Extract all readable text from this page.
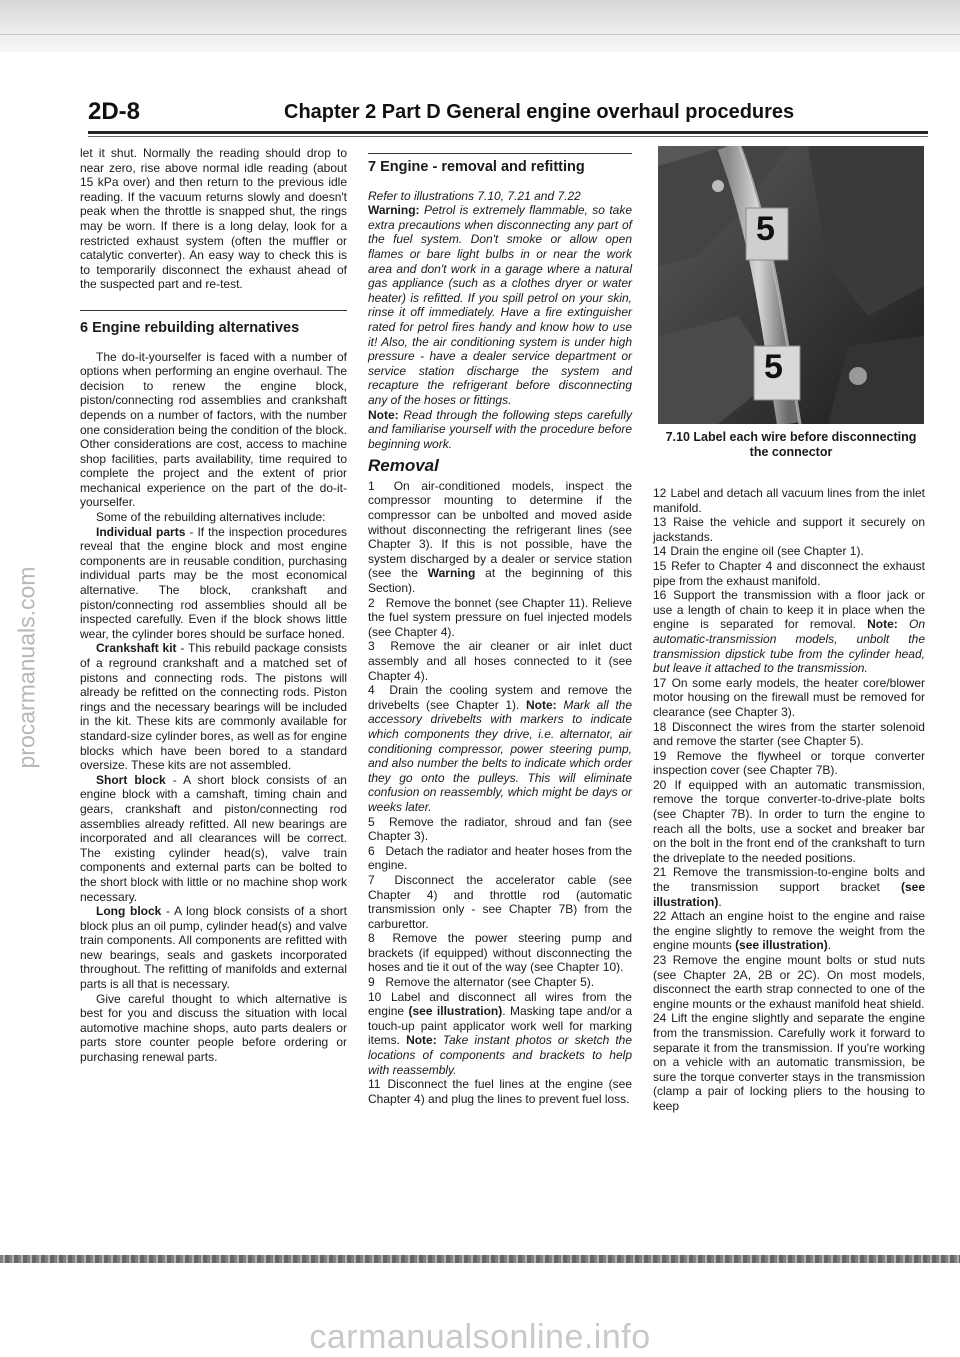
2D-8	Chapter 2 Part D General engine overhaul procedures

let it shut. Normally the reading should drop to near zero, rise above normal idle reading (about 15 kPa over) and then return to the previous idle reading. If the vacuum returns slowly and doesn't peak when the throttle is snapped shut, the rings may be worn. If there is a long delay, look for a restricted exhaust system (often the muffler or catalytic converter). An easy way to check this is to temporarily disconnect the exhaust ahead of the suspected part and re-test.

6 Engine rebuilding alternatives

The do-it-yourselfer is faced with a number of options when performing an engine overhaul. The decision to renew the engine block, piston/connecting rod assemblies and crankshaft depends on a number of factors, with the number one consideration being the condition of the block. Other considerations are cost, access to machine shop facilities, parts availability, time required to complete the project and the extent of prior mechanical experience on the part of the do-it-yourselfer.

Some of the rebuilding alternatives include:

Individual parts - If the inspection procedures reveal that the engine block and most engine components are in reusable condition, purchasing individual parts may be the most economical alternative. The block, crankshaft and piston/connecting rod assemblies should all be inspected carefully. Even if the block shows little wear, the cylinder bores should be surface honed.

Crankshaft kit - This rebuild package consists of a reground crankshaft and a matched set of pistons and connecting rods. The pistons will already be refitted on the connecting rods. Piston rings and the necessary bearings will be included in the kit. These kits are commonly available for standard-size cylinder bores, as well as for engine blocks which have been bored to a standard oversize. These kits are not assembled.

Short block - A short block consists of an engine block with a camshaft, timing chain and gears, crankshaft and piston/connecting rod assemblies already refitted. All new bearings are incorporated and all clearances will be correct. The existing cylinder head(s), valve train components and external parts can be bolted to the short block with little or no machine shop work necessary.

Long block - A long block consists of a short block plus an oil pump, cylinder head(s) and valve train components. All components are refitted with new bearings, seals and gaskets incorporated throughout. The refitting of manifolds and external parts is all that is necessary.

Give careful thought to which alternative is best for you and discuss the situation with local automotive machine shops, auto parts dealers or parts store counter people before ordering or purchasing renewal parts.

7 Engine - removal and refitting

Refer to illustrations 7.10, 7.21 and 7.22

Warning: Petrol is extremely flammable, so take extra precautions when disconnecting any part of the fuel system. Don't smoke or allow open flames or bare light bulbs in or near the work area and don't work in a garage where a natural gas appliance (such as a clothes dryer or water heater) is refitted. If you spill petrol on your skin, rinse it off immediately. Have a fire extinguisher rated for petrol fires handy and know how to use it! Also, the air conditioning system is under high pressure - have a dealer service department or service station discharge the system and recapture the refrigerant before disconnecting any of the hoses or fittings.

Note: Read through the following steps carefully and familiarise yourself with the procedure before beginning work.

Removal

1 On air-conditioned models, inspect the compressor mounting to determine if the compressor can be unbolted and moved aside without disconnecting the refrigerant lines (see Chapter 3). If this is not possible, have the system discharged by a dealer or service station (see the Warning at the beginning of this Section).

2 Remove the bonnet (see Chapter 11). Relieve the fuel system pressure on fuel injected models (see Chapter 4).

3 Remove the air cleaner or air inlet duct assembly and all hoses connected to it (see Chapter 4).

4 Drain the cooling system and remove the drivebelts (see Chapter 1). Note: Mark all the accessory drivebelts with markers to indicate which components they drive, i.e. alternator, air conditioning compressor, power steering pump, and also number the belts to indicate which order they go onto the pulleys. This will eliminate confusion on reassembly, which might be days or weeks later.

5 Remove the radiator, shroud and fan (see Chapter 3).

6 Detach the radiator and heater hoses from the engine.

7 Disconnect the accelerator cable (see Chapter 4) and throttle rod (automatic transmission only - see Chapter 7B) from the carburettor.

8 Remove the power steering pump and brackets (if equipped) without disconnecting the hoses and tie it out of the way (see Chapter 10).

9 Remove the alternator (see Chapter 5).

10 Label and disconnect all wires from the engine (see illustration). Masking tape and/or a touch-up paint applicator work well for marking items. Note: Take instant photos or sketch the locations of components and brackets to help with reassembly.

11 Disconnect the fuel lines at the engine (see Chapter 4) and plug the lines to prevent fuel loss.

5
5
7.10 Label each wire before disconnecting the connector

12 Label and detach all vacuum lines from the inlet manifold.

13 Raise the vehicle and support it securely on jackstands.

14 Drain the engine oil (see Chapter 1).

15 Refer to Chapter 4 and disconnect the exhaust pipe from the exhaust manifold.

16 Support the transmission with a floor jack or use a length of chain to keep it in place when the engine is separated for removal. Note: On automatic-transmission models, unbolt the transmission dipstick tube from the cylinder head, but leave it attached to the transmission.

17 On some early models, the heater core/blower motor housing on the firewall must be removed for clearance (see Chapter 3).

18 Disconnect the wires from the starter solenoid and remove the starter (see Chapter 5).

19 Remove the flywheel or torque converter inspection cover (see Chapter 7B).

20 If equipped with an automatic transmission, remove the torque converter-to-drive-plate bolts (see Chapter 7B). In order to turn the engine to reach all the bolts, use a socket and breaker bar on the bolt in the front end of the crankshaft to turn the driveplate to the needed positions.

21 Remove the transmission-to-engine bolts and the transmission support bracket (see illustration).

22 Attach an engine hoist to the engine and raise the engine slightly to remove the weight from the engine mounts (see illustration).

23 Remove the engine mount bolts or stud nuts (see Chapter 2A, 2B or 2C). On most models, disconnect the earth strap connected to one of the engine mounts or the exhaust manifold heat shield.

24 Lift the engine slightly and separate the engine from the transmission. Carefully work it forward to separate it from the transmission. If you're working on a vehicle with an automatic transmission, be sure the torque converter stays in the transmission (clamp a pair of locking pliers to the housing to keep

procarmanuals.com
carmanualsonline.info
